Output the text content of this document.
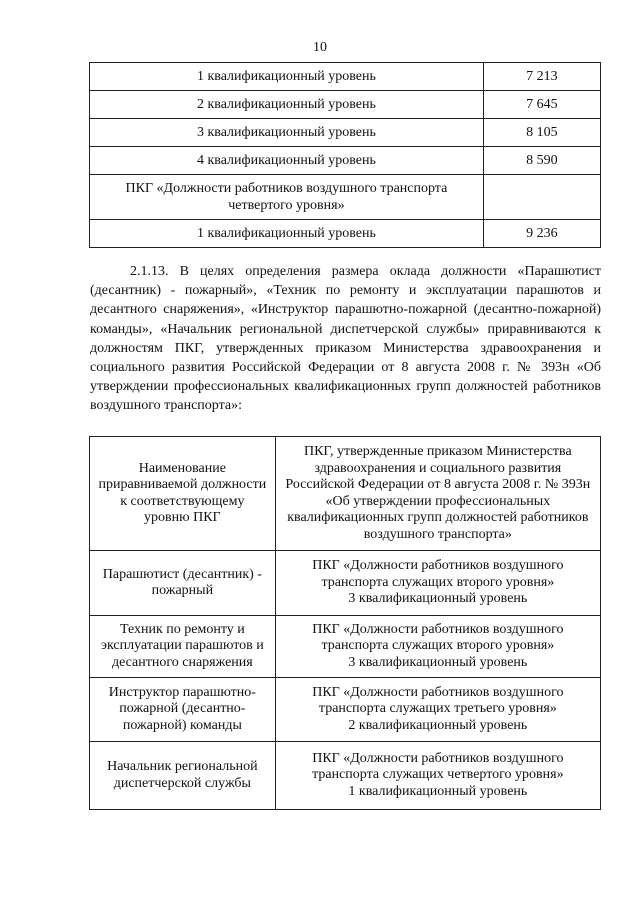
10
1 квалификационный уровень	7 213
2 квалификационный уровень	7 645
3 квалификационный уровень	8 105
4 квалификационный уровень	8 590
ПКГ «Должности работников воздушного транспорта четвертого уровня»	
1 квалификационный уровень	9 236
2.1.13. В целях определения размера оклада должности «Парашютист (десантник) - пожарный», «Техник по ремонту и эксплуатации парашютов и десантного снаряжения», «Инструктор парашютно-пожарной (десантно-пожарной) команды», «Начальник региональной диспетчерской службы» приравниваются к должностям ПКГ, утвержденных приказом Министерства здравоохранения и социального развития Российской Федерации от 8 августа 2008 г. № 393н «Об утверждении профессиональных квалификационных групп должностей работников воздушного транспорта»:
Наименование приравниваемой должности к соответствующему уровню ПКГ	ПКГ, утвержденные приказом Министерства здравоохранения и социального развития Российской Федерации от 8 августа 2008 г. № 393н «Об утверждении профессиональных квалификационных групп должностей работников воздушного транспорта»
Парашютист (десантник) - пожарный	ПКГ «Должности работников воздушного транспорта служащих второго уровня»
3 квалификационный уровень

Техник по ремонту и эксплуатации парашютов и десантного снаряжения	ПКГ «Должности работников воздушного транспорта служащих второго уровня»
3 квалификационный уровень

Инструктор парашютно-пожарной (десантно-пожарной) команды	ПКГ «Должности работников воздушного транспорта служащих третьего уровня»
2 квалификационный уровень

Начальник региональной диспетчерской службы	ПКГ «Должности работников воздушного транспорта служащих четвертого уровня»
1 квалификационный уровень
